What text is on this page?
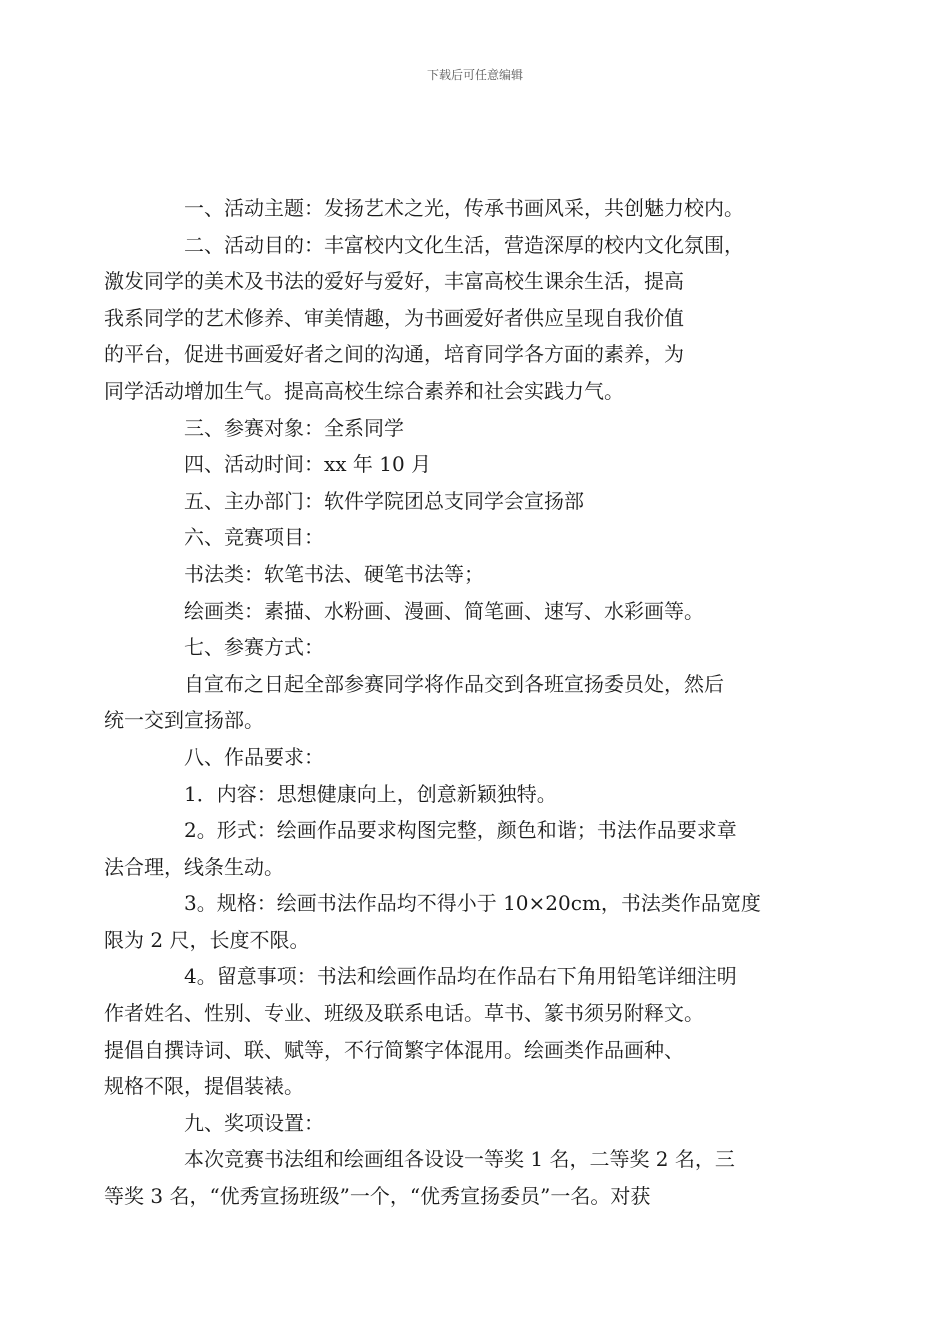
下载后可任意编辑

一、活动主题：发扬艺术之光，传承书画风采，共创魅力校内。

二、活动目的：丰富校内文化生活，营造深厚的校内文化氛围，
激发同学的美术及书法的爱好与爱好，丰富高校生课余生活，提高
我系同学的艺术修养、审美情趣，为书画爱好者供应呈现自我价值
的平台，促进书画爱好者之间的沟通，培育同学各方面的素养，为
同学活动增加生气。提高高校生综合素养和社会实践力气。

三、参赛对象：全系同学

四、活动时间：xx 年 10 月

五、主办部门：软件学院团总支同学会宣扬部

六、竞赛项目：

书法类：软笔书法、硬笔书法等；

绘画类：素描、水粉画、漫画、简笔画、速写、水彩画等。

七、参赛方式：

自宣布之日起全部参赛同学将作品交到各班宣扬委员处，然后
统一交到宣扬部。

八、作品要求：

1．内容：思想健康向上，创意新颖独特。

2。形式：绘画作品要求构图完整，颜色和谐；书法作品要求章
法合理，线条生动。

3。规格：绘画书法作品均不得小于 10×20cm，书法类作品宽度
限为 2 尺，长度不限。

4。留意事项：书法和绘画作品均在作品右下角用铅笔详细注明
作者姓名、性别、专业、班级及联系电话。草书、篆书须另附释文。
提倡自撰诗词、联、赋等，不行简繁字体混用。绘画类作品画种、
规格不限，提倡装裱。

九、奖项设置：

本次竞赛书法组和绘画组各设设一等奖 1 名，二等奖 2 名，三
等奖 3 名，“优秀宣扬班级”一个，“优秀宣扬委员”一名。对获
